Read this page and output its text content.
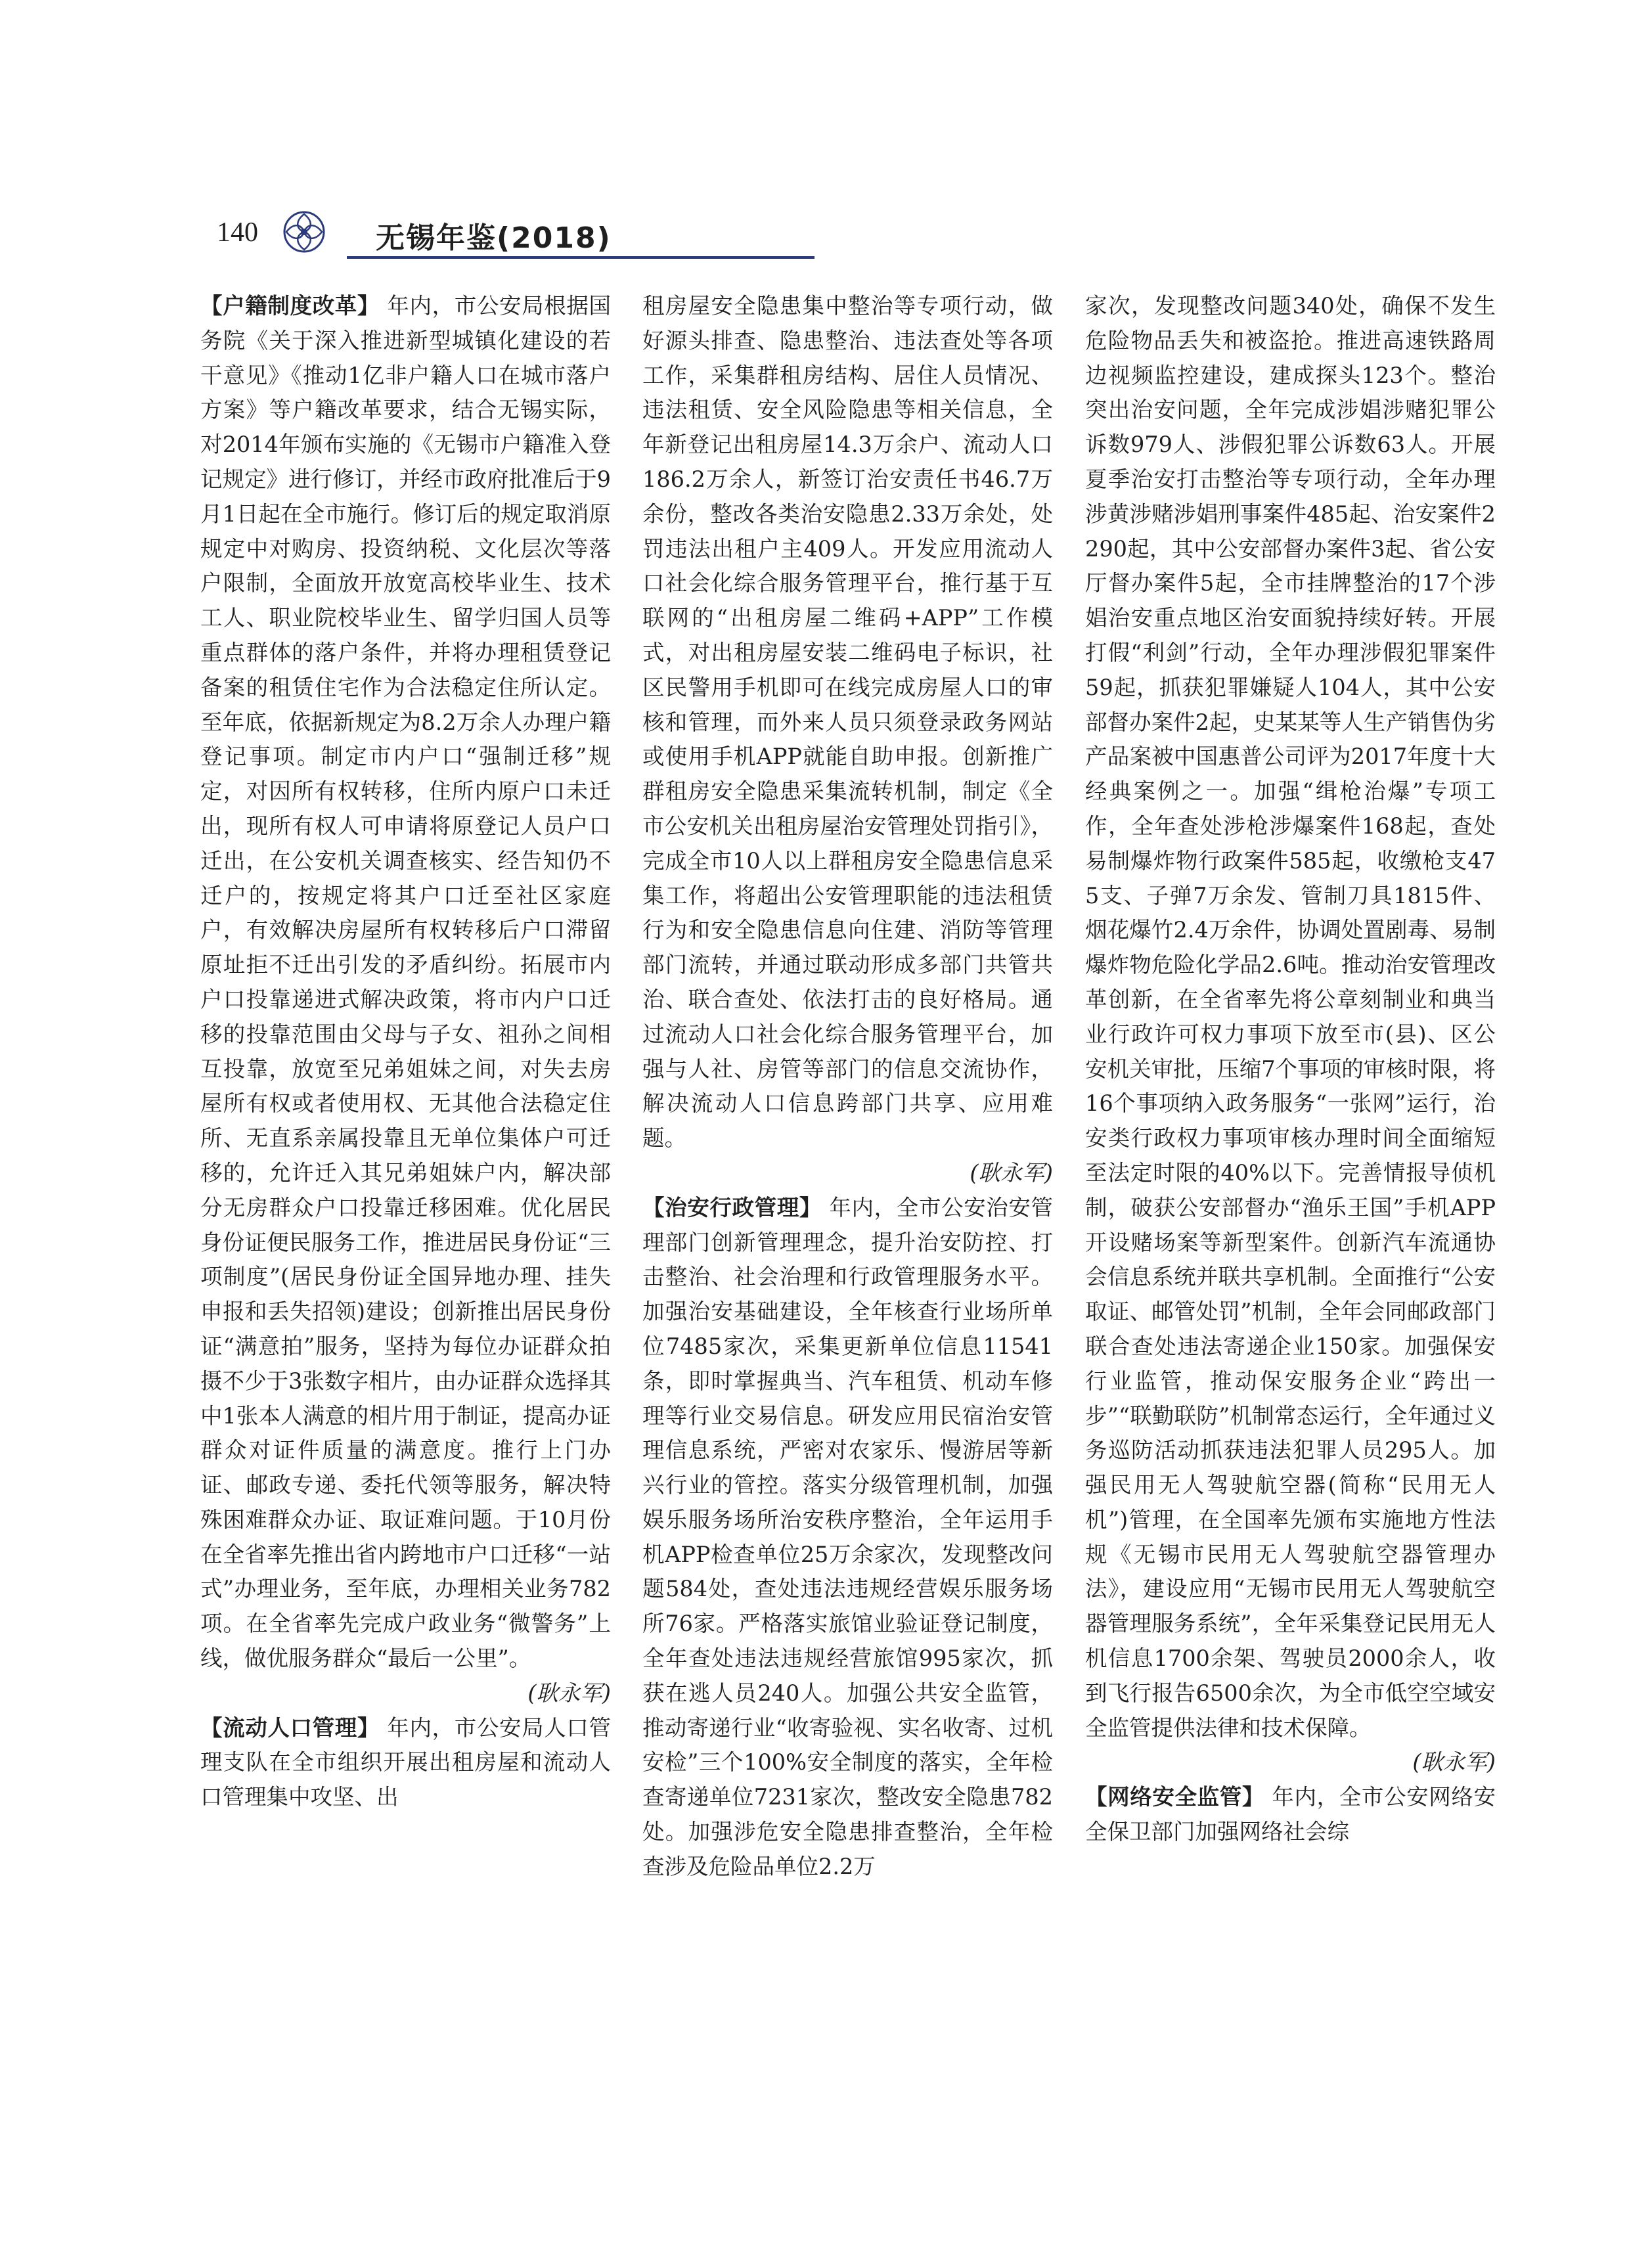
140	无锡年鉴(2018)

【户籍制度改革】 年内，市公安局根据国务院《关于深入推进新型城镇化建设的若干意见》《推动1亿非户籍人口在城市落户方案》等户籍改革要求，结合无锡实际，对2014年颁布实施的《无锡市户籍准入登记规定》进行修订，并经市政府批准后于9月1日起在全市施行。修订后的规定取消原规定中对购房、投资纳税、文化层次等落户限制，全面放开放宽高校毕业生、技术工人、职业院校毕业生、留学归国人员等重点群体的落户条件，并将办理租赁登记备案的租赁住宅作为合法稳定住所认定。至年底，依据新规定为8.2万余人办理户籍登记事项。制定市内户口“强制迁移”规定，对因所有权转移，住所内原户口未迁出，现所有权人可申请将原登记人员户口迁出，在公安机关调查核实、经告知仍不迁户的，按规定将其户口迁至社区家庭户，有效解决房屋所有权转移后户口滞留原址拒不迁出引发的矛盾纠纷。拓展市内户口投靠递进式解决政策，将市内户口迁移的投靠范围由父母与子女、祖孙之间相互投靠，放宽至兄弟姐妹之间，对失去房屋所有权或者使用权、无其他合法稳定住所、无直系亲属投靠且无单位集体户可迁移的，允许迁入其兄弟姐妹户内，解决部分无房群众户口投靠迁移困难。优化居民身份证便民服务工作，推进居民身份证“三项制度”(居民身份证全国异地办理、挂失申报和丢失招领)建设；创新推出居民身份证“满意拍”服务，坚持为每位办证群众拍摄不少于3张数字相片，由办证群众选择其中1张本人满意的相片用于制证，提高办证群众对证件质量的满意度。推行上门办证、邮政专递、委托代领等服务，解决特殊困难群众办证、取证难问题。于10月份在全省率先推出省内跨地市户口迁移“一站式”办理业务，至年底，办理相关业务782项。在全省率先完成户政业务“微警务”上线，做优服务群众“最后一公里”。

(耿永军)

【流动人口管理】 年内，市公安局人口管理支队在全市组织开展出租房屋和流动人口管理集中攻坚、出

租房屋安全隐患集中整治等专项行动，做好源头排查、隐患整治、违法查处等各项工作，采集群租房结构、居住人员情况、违法租赁、安全风险隐患等相关信息，全年新登记出租房屋14.3万余户、流动人口186.2万余人，新签订治安责任书46.7万余份，整改各类治安隐患2.33万余处，处罚违法出租户主409人。开发应用流动人口社会化综合服务管理平台，推行基于互联网的“出租房屋二维码+APP”工作模式，对出租房屋安装二维码电子标识，社区民警用手机即可在线完成房屋人口的审核和管理，而外来人员只须登录政务网站或使用手机APP就能自助申报。创新推广群租房安全隐患采集流转机制，制定《全市公安机关出租房屋治安管理处罚指引》，完成全市10人以上群租房安全隐患信息采集工作，将超出公安管理职能的违法租赁行为和安全隐患信息向住建、消防等管理部门流转，并通过联动形成多部门共管共治、联合查处、依法打击的良好格局。通过流动人口社会化综合服务管理平台，加强与人社、房管等部门的信息交流协作，解决流动人口信息跨部门共享、应用难题。

(耿永军)

【治安行政管理】 年内，全市公安治安管理部门创新管理理念，提升治安防控、打击整治、社会治理和行政管理服务水平。加强治安基础建设，全年核查行业场所单位7485家次，采集更新单位信息11541条，即时掌握典当、汽车租赁、机动车修理等行业交易信息。研发应用民宿治安管理信息系统，严密对农家乐、慢游居等新兴行业的管控。落实分级管理机制，加强娱乐服务场所治安秩序整治，全年运用手机APP检查单位25万余家次，发现整改问题584处，查处违法违规经营娱乐服务场所76家。严格落实旅馆业验证登记制度，全年查处违法违规经营旅馆995家次，抓获在逃人员240人。加强公共安全监管，推动寄递行业“收寄验视、实名收寄、过机安检”三个100%安全制度的落实，全年检查寄递单位7231家次，整改安全隐患782处。加强涉危安全隐患排查整治，全年检查涉及危险品单位2.2万

家次，发现整改问题340处，确保不发生危险物品丢失和被盗抢。推进高速铁路周边视频监控建设，建成探头123个。整治突出治安问题，全年完成涉娼涉赌犯罪公诉数979人、涉假犯罪公诉数63人。开展夏季治安打击整治等专项行动，全年办理涉黄涉赌涉娼刑事案件485起、治安案件2290起，其中公安部督办案件3起、省公安厅督办案件5起，全市挂牌整治的17个涉娼治安重点地区治安面貌持续好转。开展打假“利剑”行动，全年办理涉假犯罪案件59起，抓获犯罪嫌疑人104人，其中公安部督办案件2起，史某某等人生产销售伪劣产品案被中国惠普公司评为2017年度十大经典案例之一。加强“缉枪治爆”专项工作，全年查处涉枪涉爆案件168起，查处易制爆炸物行政案件585起，收缴枪支475支、子弹7万余发、管制刀具1815件、烟花爆竹2.4万余件，协调处置剧毒、易制爆炸物危险化学品2.6吨。推动治安管理改革创新，在全省率先将公章刻制业和典当业行政许可权力事项下放至市(县)、区公安机关审批，压缩7个事项的审核时限，将16个事项纳入政务服务“一张网”运行，治安类行政权力事项审核办理时间全面缩短至法定时限的40%以下。完善情报导侦机制，破获公安部督办“渔乐王国”手机APP开设赌场案等新型案件。创新汽车流通协会信息系统并联共享机制。全面推行“公安取证、邮管处罚”机制，全年会同邮政部门联合查处违法寄递企业150家。加强保安行业监管，推动保安服务企业“跨出一步”“联勤联防”机制常态运行，全年通过义务巡防活动抓获违法犯罪人员295人。加强民用无人驾驶航空器(简称“民用无人机”)管理，在全国率先颁布实施地方性法规《无锡市民用无人驾驶航空器管理办法》，建设应用“无锡市民用无人驾驶航空器管理服务系统”，全年采集登记民用无人机信息1700余架、驾驶员2000余人，收到飞行报告6500余次，为全市低空空域安全监管提供法律和技术保障。

(耿永军)

【网络安全监管】 年内，全市公安网络安全保卫部门加强网络社会综
